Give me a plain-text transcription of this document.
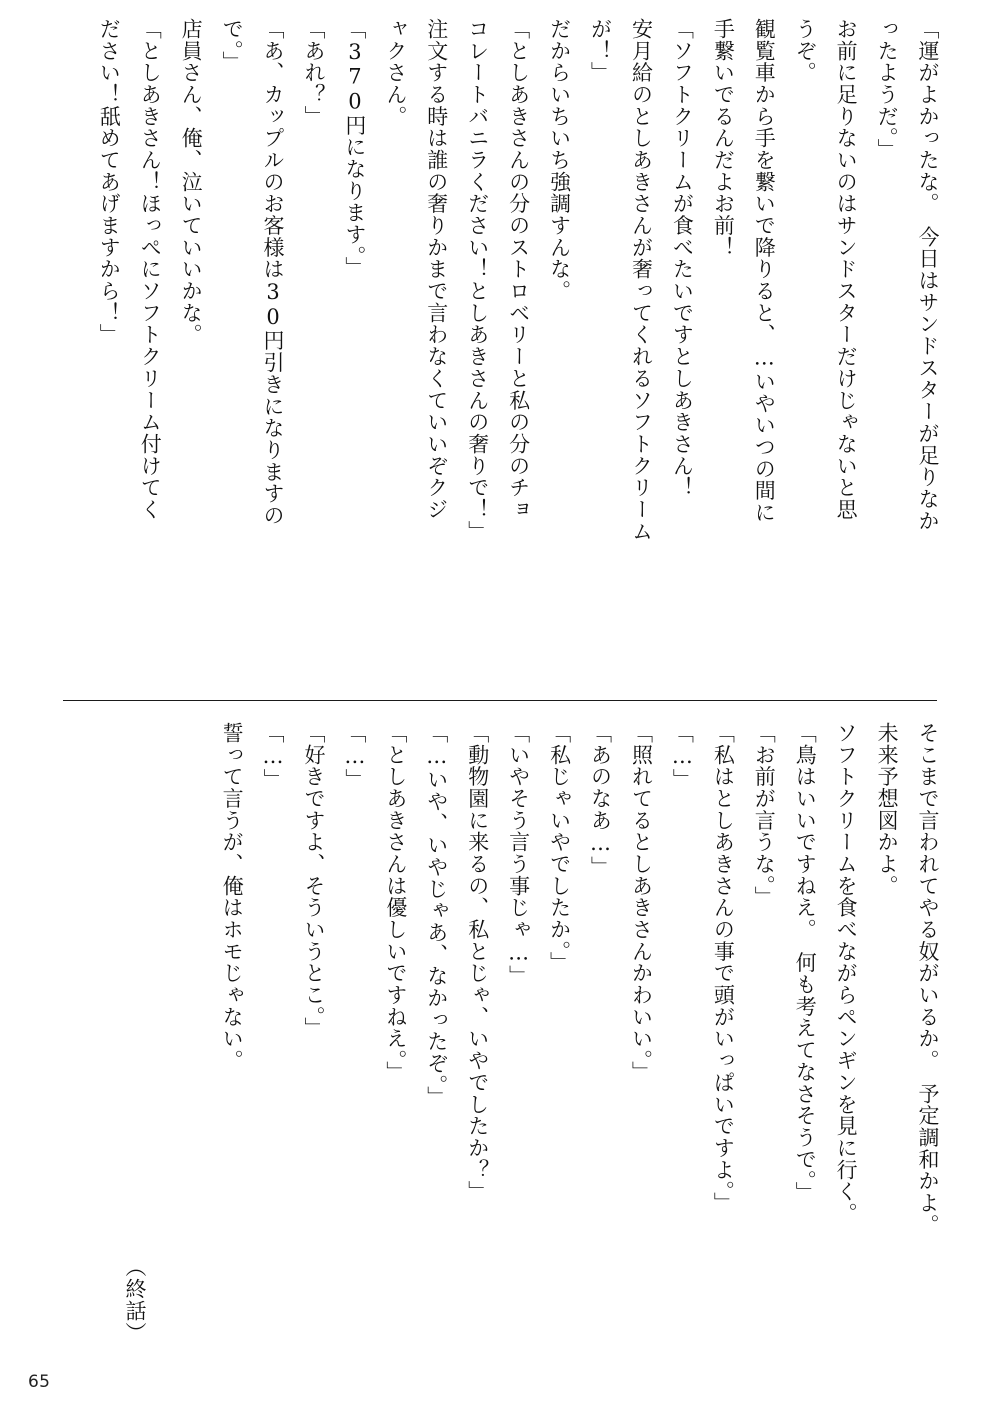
「運がよかったな。　今日はサンドスターが足りなか

ったようだ。」

お前に足りないのはサンドスターだけじゃないと思

うぞ。

観覧車から手を繋いで降りると、…いやいつの間に

手繋いでるんだよお前！

「ソフトクリームが食べたいですとしあきさん！

安月給のとしあきさんが奢ってくれるソフトクリーム

が！」

だからいちいち強調すんな。

「としあきさんの分のストロベリーと私の分のチョ

コレートバニラください！としあきさんの奢りで！」

注文する時は誰の奢りかまで言わなくていいぞクジ

ャクさん。

「370円になります。」

「あれ？」

「あ、カップルのお客様は30円引きになりますの

で。」

店員さん、俺、泣いていいかな。

「としあきさん！ほっぺにソフトクリーム付けてく

ださい！舐めてあげますから！」

そこまで言われてやる奴がいるか。　予定調和かよ。

未来予想図かよ。

ソフトクリームを食べながらペンギンを見に行く。

「鳥はいいですねえ。　何も考えてなさそうで。」

「お前が言うな。」

「私はとしあきさんの事で頭がいっぱいですよ。」

「…」

「照れてるとしあきさんかわいい。」

「あのなあ…」

「私じゃいやでしたか。」

「いやそう言う事じゃ…」

「動物園に来るの、私とじゃ、いやでしたか？」

「…いや、いやじゃあ、なかったぞ。」

「としあきさんは優しいですねえ。」

「…」

「好きですよ、そういうとこ。」

「…」

誓って言うが、俺はホモじゃない。

（終話）
65
